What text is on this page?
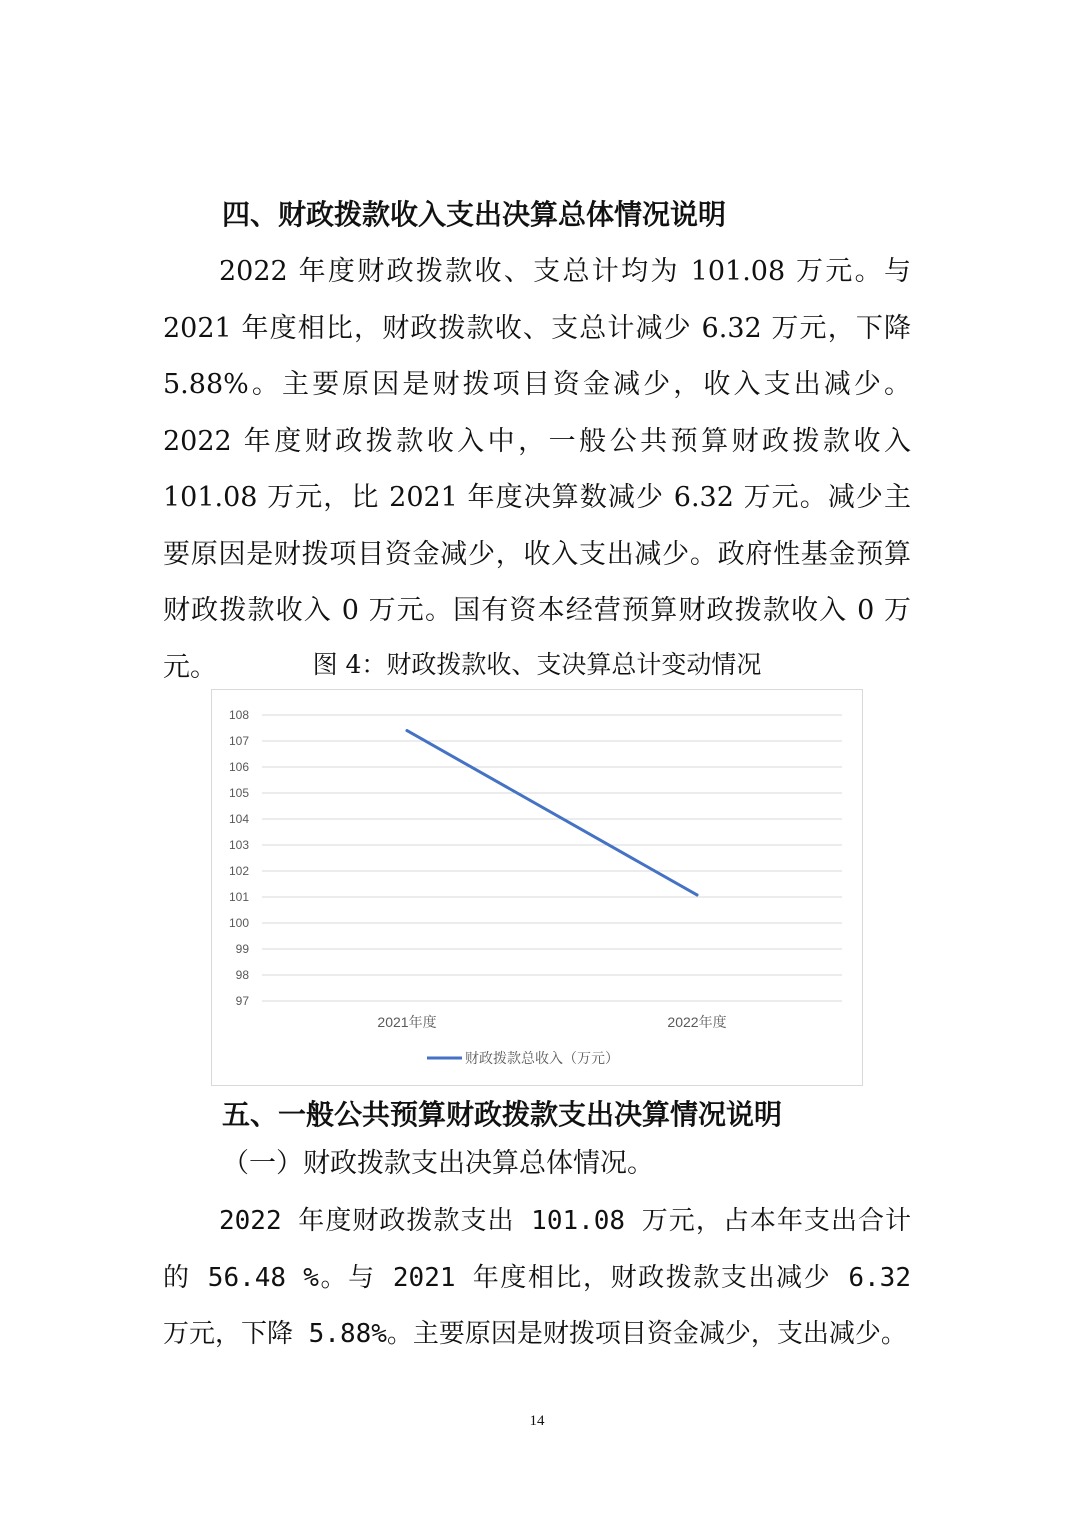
四、财政拨款收入支出决算总体情况说明

2022 年度财政拨款收、支总计均为 101.08 万元。与 2021 年度相比，财政拨款收、支总计减少 6.32 万元，下降 5.88%。主要原因是财拨项目资金减少，收入支出减少。2022 年度财政拨款收入中，一般公共预算财政拨款收入 101.08 万元，比 2021 年度决算数减少 6.32 万元。减少主要原因是财拨项目资金减少，收入支出减少。政府性基金预算财政拨款收入 0 万元。国有资本经营预算财政拨款收入 0 万元。	图 4：财政拨款收、支决算总计变动情况
97
98
99
100
101
102
103
104
105
106
107
108
2021年度	2022年度
财政拨款总收入（万元）
五、一般公共预算财政拨款支出决算情况说明
（一）财政拨款支出决算总体情况。

2022 年度财政拨款支出 101.08 万元，占本年支出合计的 56.48 %。与 2021 年度相比，财政拨款支出减少 6.32 万元，下降 5.88%。主要原因是财拨项目资金减少，支出减少。

14
